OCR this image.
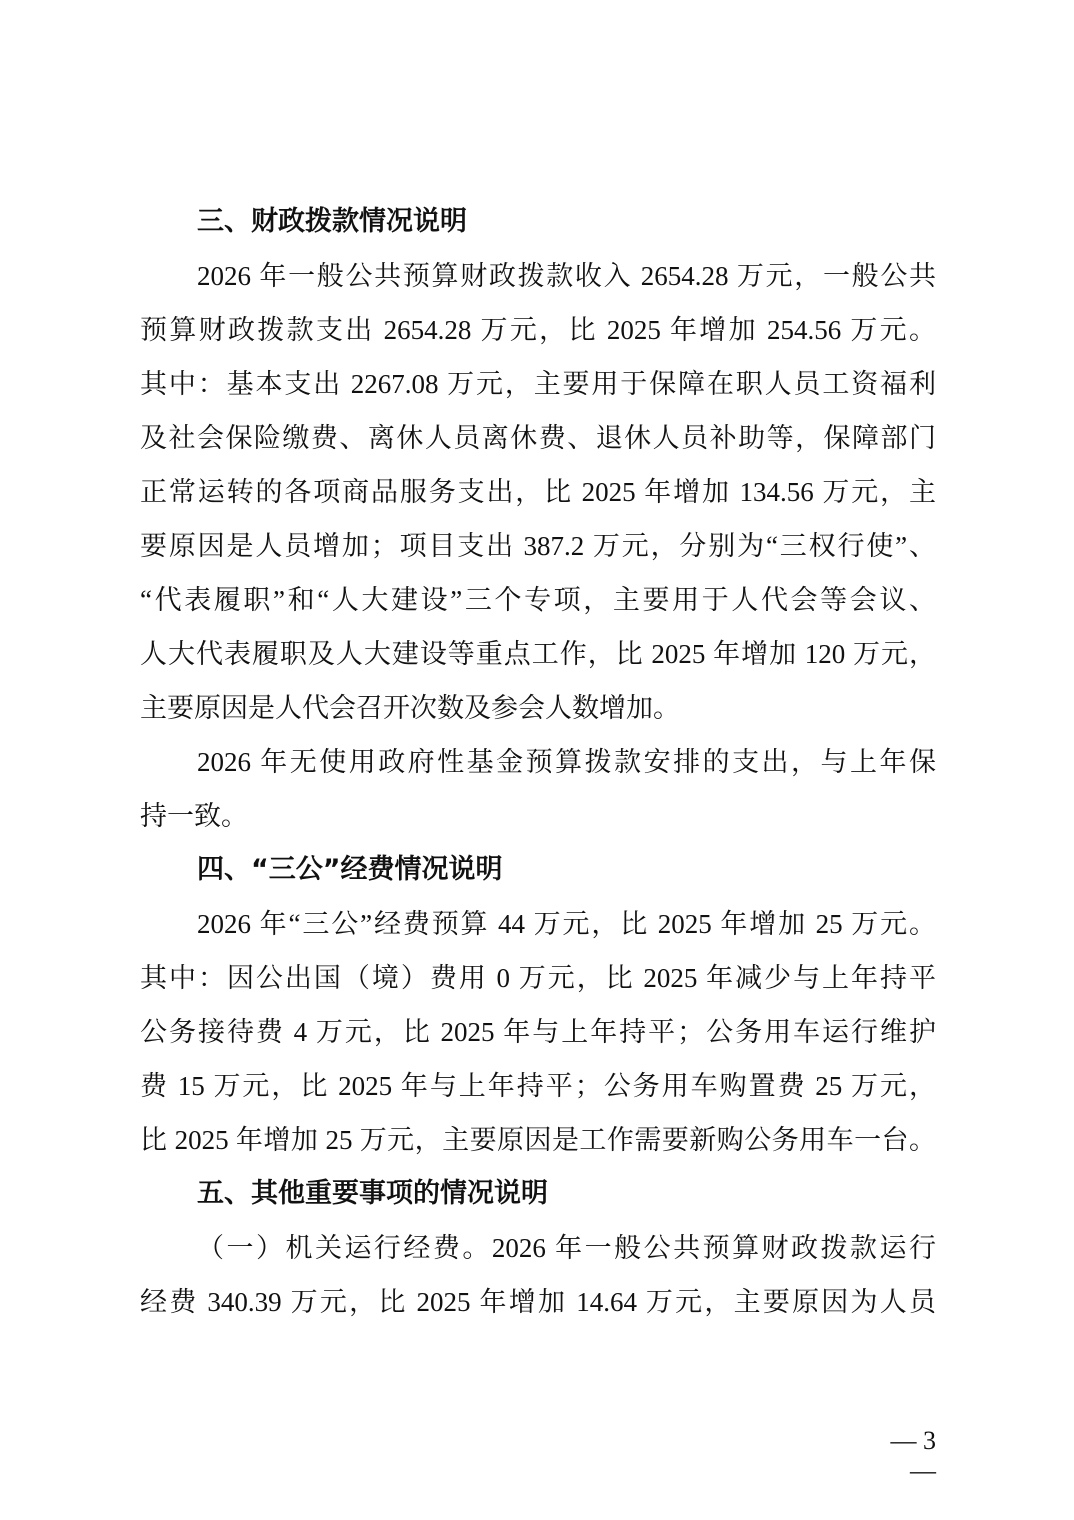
三、财政拨款情况说明
2026 年一般公共预算财政拨款收入 2654.28 万元，一般公共
预算财政拨款支出 2654.28 万元，比 2025 年增加 254.56 万元。
其中：基本支出 2267.08 万元，主要用于保障在职人员工资福利
及社会保险缴费、离休人员离休费、退休人员补助等，保障部门
正常运转的各项商品服务支出，比 2025 年增加 134.56 万元，主
要原因是人员增加；项目支出 387.2 万元，分别为“三权行使”、
“代表履职”和“人大建设”三个专项，主要用于人代会等会议、
人大代表履职及人大建设等重点工作，比 2025 年增加 120 万元，
主要原因是人代会召开次数及参会人数增加。
2026 年无使用政府性基金预算拨款安排的支出，与上年保
持一致。
四、“三公”经费情况说明
2026 年“三公”经费预算 44 万元，比 2025 年增加 25 万元。
其中：因公出国（境）费用 0 万元，比 2025 年减少与上年持平
公务接待费 4 万元，比 2025 年与上年持平；公务用车运行维护
费 15 万元，比 2025 年与上年持平；公务用车购置费 25 万元，
比 2025 年增加 25 万元，主要原因是工作需要新购公务用车一台。
五、其他重要事项的情况说明
（一）机关运行经费。2026 年一般公共预算财政拨款运行
经费 340.39 万元，比 2025 年增加 14.64 万元，主要原因为人员
— 3 —
